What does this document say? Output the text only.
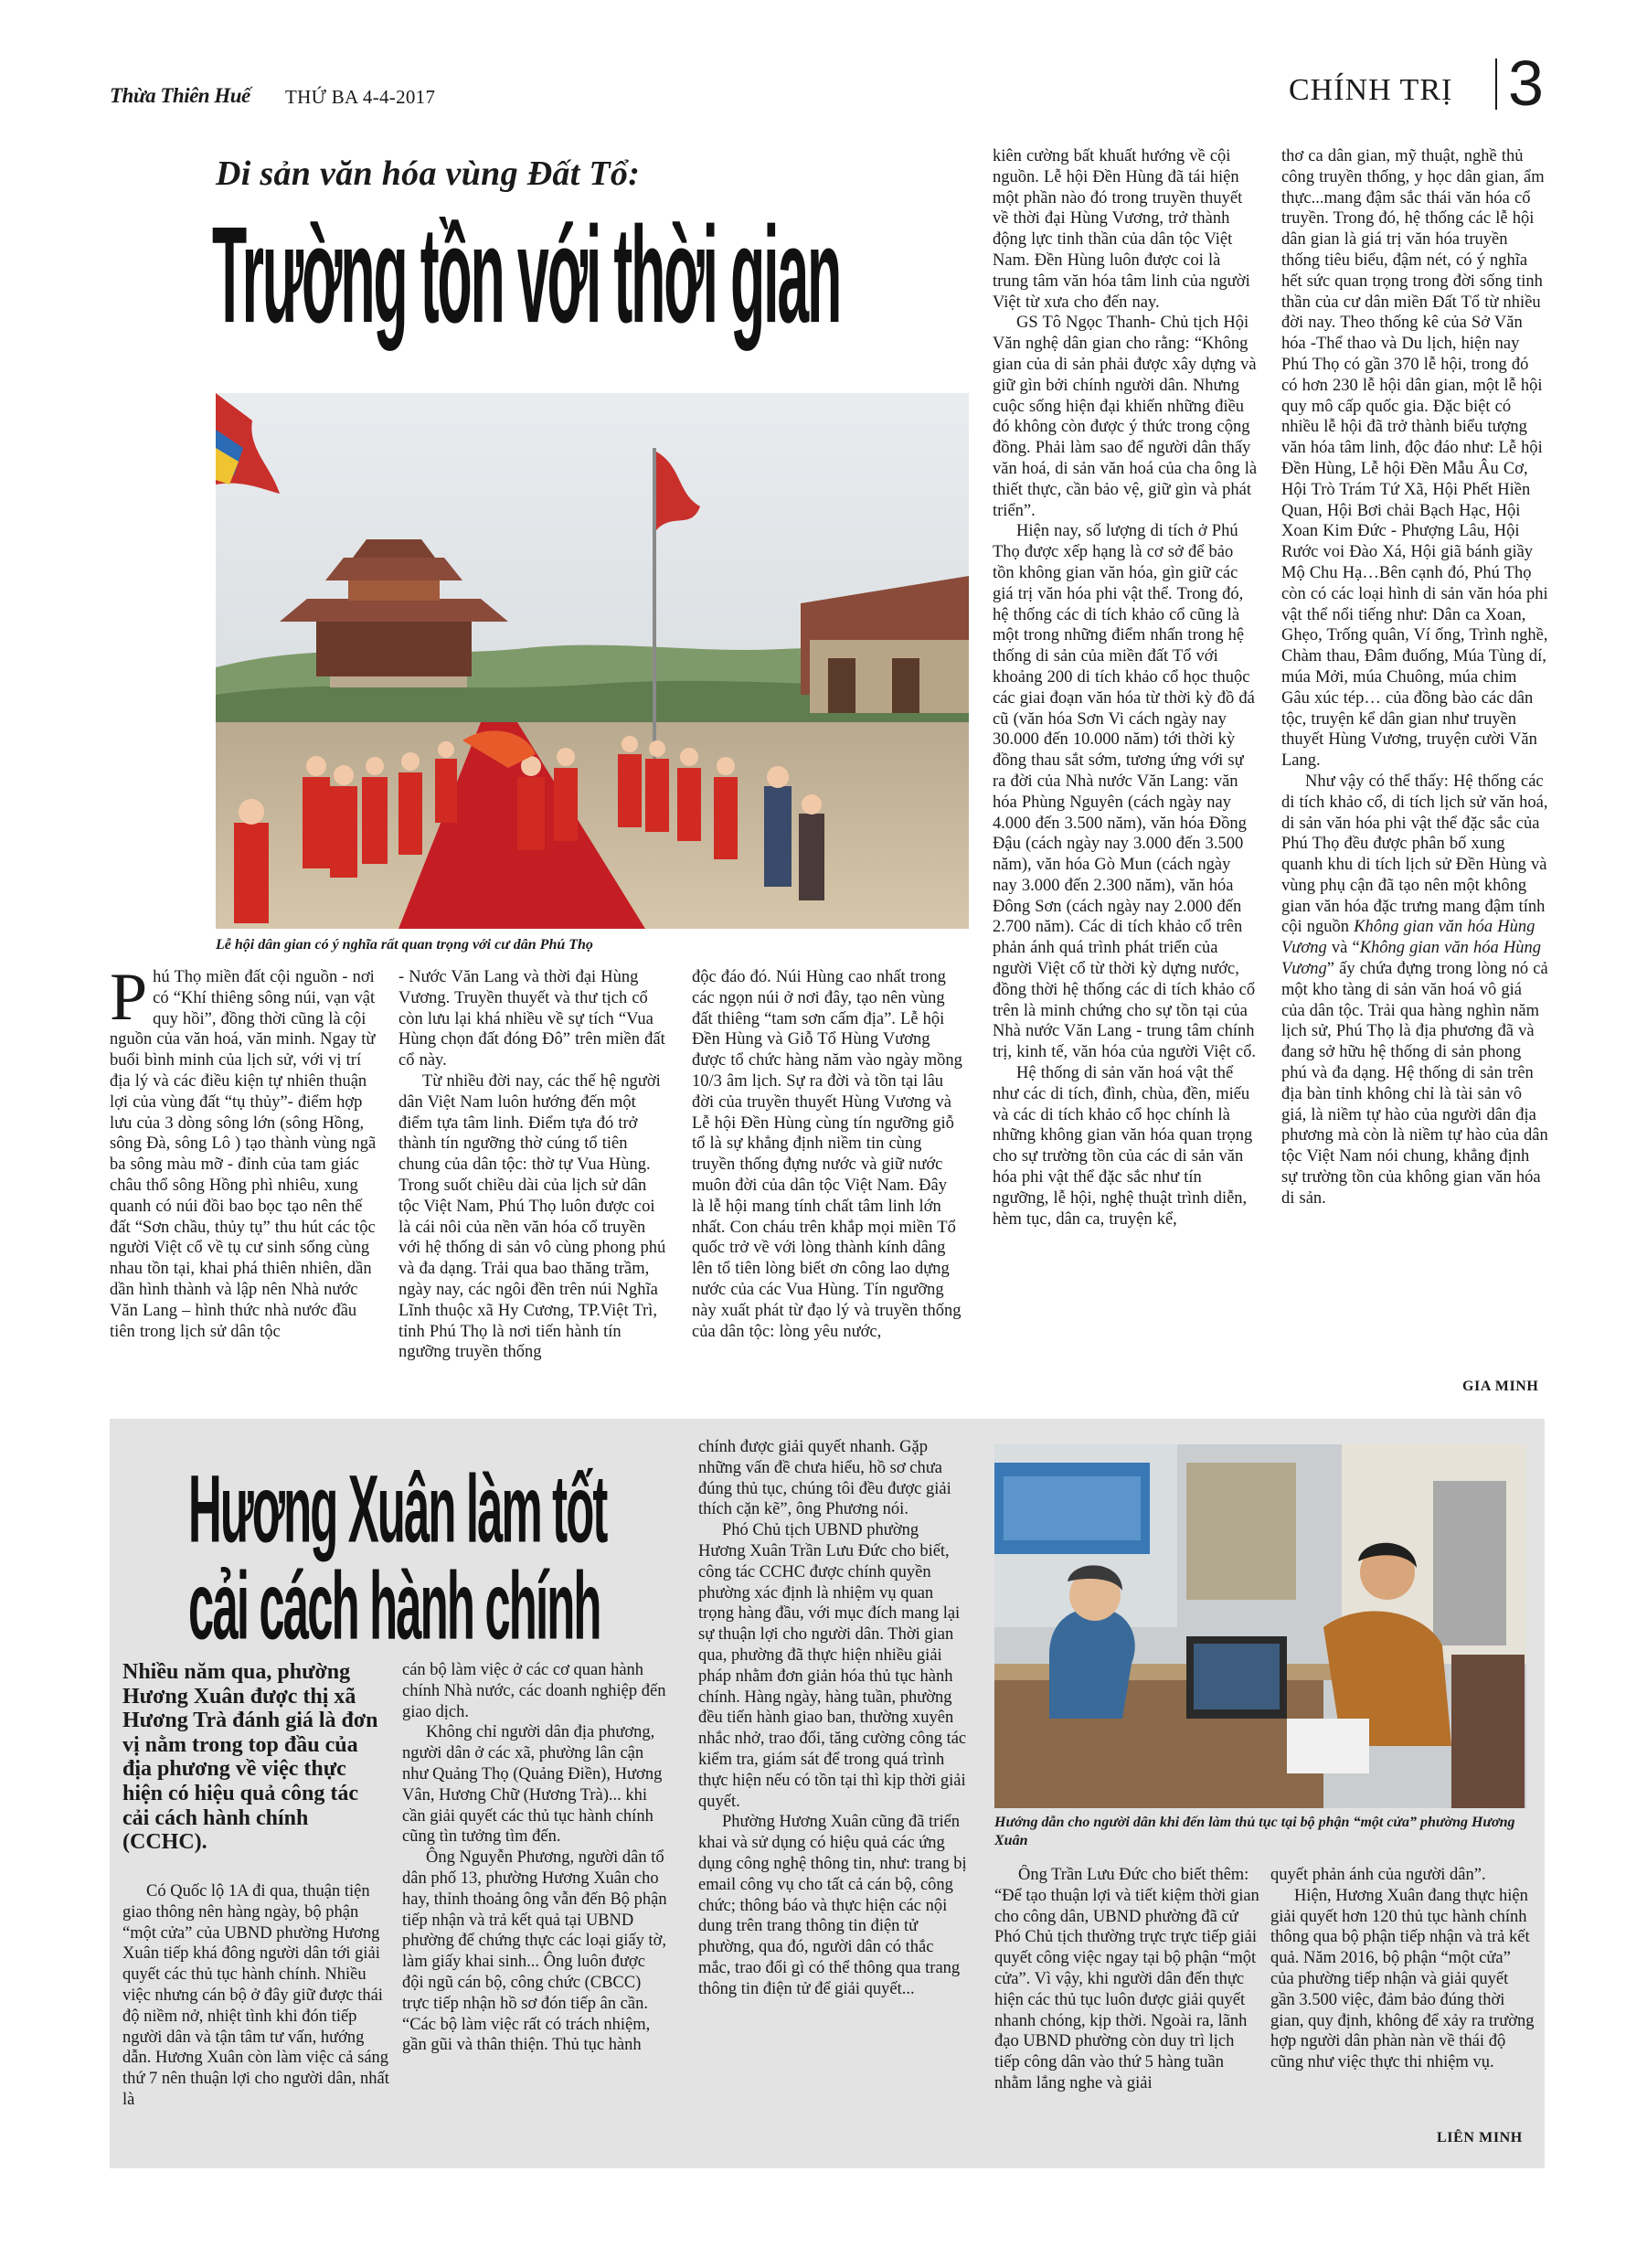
Thừa Thiên Huế THỨ BA 4-4-2017	CHÍNH TRỊ 3
Di sản văn hóa vùng Đất Tổ:
Trường tồn với thời gian
Lễ hội dân gian có ý nghĩa rất quan trọng với cư dân Phú Thọ
P hú Thọ miền đất cội nguồn - nơi có “Khí thiêng sông núi, vạn vật quy hồi”, đồng thời cũng là cội nguồn của văn hoá, văn minh. Ngay từ buổi bình minh của lịch sử, với vị trí địa lý và các điều kiện tự nhiên thuận lợi của vùng đất “tụ thủy”- điểm hợp lưu của 3 dòng sông lớn (sông Hồng, sông Đà, sông Lô ) tạo thành vùng ngã ba sông màu mỡ - đỉnh của tam giác châu thổ sông Hồng phì nhiêu, xung quanh có núi đồi bao bọc tạo nên thế đất “Sơn chầu, thủy tụ” thu hút các tộc người Việt cổ về tụ cư sinh sống cùng nhau tồn tại, khai phá thiên nhiên, dần dần hình thành và lập nên Nhà nước Văn Lang – hình thức nhà nước đầu tiên trong lịch sử dân tộc

- Nước Văn Lang và thời đại Hùng Vương. Truyền thuyết và thư tịch cổ còn lưu lại khá nhiều về sự tích “Vua Hùng chọn đất đóng Đô” trên miền đất cổ này.

Từ nhiều đời nay, các thế hệ người dân Việt Nam luôn hướng đến một điểm tựa tâm linh. Điểm tựa đó trở thành tín ngưỡng thờ cúng tổ tiên chung của dân tộc: thờ tự Vua Hùng. Trong suốt chiều dài của lịch sử dân tộc Việt Nam, Phú Thọ luôn được coi là cái nôi của nền văn hóa cổ truyền với hệ thống di sản vô cùng phong phú và đa dạng. Trải qua bao thăng trầm, ngày nay, các ngôi đền trên núi Nghĩa Lĩnh thuộc xã Hy Cương, TP.Việt Trì, tỉnh Phú Thọ là nơi tiến hành tín ngưỡng truyền thống

độc đáo đó. Núi Hùng cao nhất trong các ngọn núi ở nơi đây, tạo nên vùng đất thiêng “tam sơn cấm địa”. Lễ hội Đền Hùng và Giỗ Tổ Hùng Vương được tổ chức hàng năm vào ngày mồng 10/3 âm lịch. Sự ra đời và tồn tại lâu đời của truyền thuyết Hùng Vương và Lễ hội Đền Hùng cùng tín ngưỡng giỗ tổ là sự khẳng định niềm tin cùng truyền thống đựng nước và giữ nước muôn đời của dân tộc Việt Nam. Đây là lễ hội mang tính chất tâm linh lớn nhất. Con cháu trên khắp mọi miền Tổ quốc trở về với lòng thành kính dâng lên tổ tiên lòng biết ơn công lao dựng nước của các Vua Hùng. Tín ngưỡng này xuất phát từ đạo lý và truyền thống của dân tộc: lòng yêu nước,

kiên cường bất khuất hướng về cội nguồn. Lễ hội Đền Hùng đã tái hiện một phần nào đó trong truyền thuyết về thời đại Hùng Vương, trở thành động lực tinh thần của dân tộc Việt Nam. Đền Hùng luôn được coi là trung tâm văn hóa tâm linh của người Việt từ xưa cho đến nay.

GS Tô Ngọc Thanh- Chủ tịch Hội Văn nghệ dân gian cho rằng: “Không gian của di sản phải được xây dựng và giữ gìn bởi chính người dân. Nhưng cuộc sống hiện đại khiến những điều đó không còn được ý thức trong cộng đồng. Phải làm sao để người dân thấy văn hoá, di sản văn hoá của cha ông là thiết thực, cần bảo vệ, giữ gìn và phát triển”.

Hiện nay, số lượng di tích ở Phú Thọ được xếp hạng là cơ sở để bảo tồn không gian văn hóa, gìn giữ các giá trị văn hóa phi vật thể. Trong đó, hệ thống các di tích khảo cổ cũng là một trong những điểm nhấn trong hệ thống di sản của miền đất Tổ với khoảng 200 di tích khảo cổ học thuộc các giai đoạn văn hóa từ thời kỳ đồ đá cũ (văn hóa Sơn Vi cách ngày nay 30.000 đến 10.000 năm) tới thời kỳ đồng thau sắt sớm, tương ứng với sự ra đời của Nhà nước Văn Lang: văn hóa Phùng Nguyên (cách ngày nay 4.000 đến 3.500 năm), văn hóa Đồng Đậu (cách ngày nay 3.000 đến 3.500 năm), văn hóa Gò Mun (cách ngày nay 3.000 đến 2.300 năm), văn hóa Đông Sơn (cách ngày nay 2.000 đến 2.700 năm). Các di tích khảo cổ trên phản ánh quá trình phát triển của người Việt cổ từ thời kỳ dựng nước, đồng thời hệ thống các di tích khảo cổ trên là minh chứng cho sự tồn tại của Nhà nước Văn Lang - trung tâm chính trị, kinh tế, văn hóa của người Việt cổ.

Hệ thống di sản văn hoá vật thể như các di tích, đình, chùa, đền, miếu và các di tích khảo cổ học chính là những không gian văn hóa quan trọng cho sự trường tồn của các di sản văn hóa phi vật thể đặc sắc như tín ngưỡng, lễ hội, nghệ thuật trình diễn, hèm tục, dân ca, truyện kể,

thơ ca dân gian, mỹ thuật, nghề thủ công truyền thống, y học dân gian, ẩm thực...mang đậm sắc thái văn hóa cổ truyền. Trong đó, hệ thống các lễ hội dân gian là giá trị văn hóa truyền thống tiêu biểu, đậm nét, có ý nghĩa hết sức quan trọng trong đời sống tinh thần của cư dân miền Đất Tổ từ nhiều đời nay. Theo thống kê của Sở Văn hóa -Thể thao và Du lịch, hiện nay Phú Thọ có gần 370 lễ hội, trong đó có hơn 230 lễ hội dân gian, một lễ hội quy mô cấp quốc gia. Đặc biệt có nhiều lễ hội đã trở thành biểu tượng văn hóa tâm linh, độc đáo như: Lễ hội Đền Hùng, Lễ hội Đền Mẫu Âu Cơ, Hội Trò Trám Tứ Xã, Hội Phết Hiền Quan, Hội Bơi chải Bạch Hạc, Hội Xoan Kim Đức - Phượng Lâu, Hội Rước voi Đào Xá, Hội giã bánh giầy Mộ Chu Hạ…Bên cạnh đó, Phú Thọ còn có các loại hình di sản văn hóa phi vật thể nổi tiếng như: Dân ca Xoan, Ghẹo, Trống quân, Ví ống, Trình nghề, Chàm thau, Đâm đuống, Múa Tùng dí, múa Mởi, múa Chuông, múa chim Gâu xúc tép… của đồng bào các dân tộc, truyện kể dân gian như truyền thuyết Hùng Vương, truyện cười Văn Lang.

Như vậy có thể thấy: Hệ thống các di tích khảo cổ, di tích lịch sử văn hoá, di sản văn hóa phi vật thể đặc sắc của Phú Thọ đều được phân bố xung quanh khu di tích lịch sử Đền Hùng và vùng phụ cận đã tạo nên một không gian văn hóa đặc trưng mang đậm tính cội nguồn Không gian văn hóa Hùng Vương và “Không gian văn hóa Hùng Vương” ấy chứa đựng trong lòng nó cả một kho tàng di sản văn hoá vô giá của dân tộc. Trải qua hàng nghìn năm lịch sử, Phú Thọ là địa phương đã và đang sở hữu hệ thống di sản phong phú và đa dạng. Hệ thống di sản trên địa bàn tỉnh không chỉ là tài sản vô giá, là niềm tự hào của người dân địa phương mà còn là niềm tự hào của dân tộc Việt Nam nói chung, khẳng định sự trường tồn của không gian văn hóa di sản.

GIA MINH
Hương Xuân làm tốt
cải cách hành chính
Nhiều năm qua, phường Hương Xuân được thị xã Hương Trà đánh giá là đơn vị nằm trong top đầu của địa phương về việc thực hiện có hiệu quả công tác cải cách hành chính (CCHC).

Có Quốc lộ 1A đi qua, thuận tiện giao thông nên hàng ngày, bộ phận “một cửa” của UBND phường Hương Xuân tiếp khá đông người dân tới giải quyết các thủ tục hành chính. Nhiều việc nhưng cán bộ ở đây giữ được thái độ niềm nở, nhiệt tình khi đón tiếp người dân và tận tâm tư vấn, hướng dẫn. Hương Xuân còn làm việc cả sáng thứ 7 nên thuận lợi cho người dân, nhất là

cán bộ làm việc ở các cơ quan hành chính Nhà nước, các doanh nghiệp đến giao dịch.

Không chỉ người dân địa phương, người dân ở các xã, phường lân cận như Quảng Thọ (Quảng Điền), Hương Vân, Hương Chữ (Hương Trà)... khi cần giải quyết các thủ tục hành chính cũng tìn tưởng tìm đến.

Ông Nguyễn Phương, người dân tổ dân phố 13, phường Hương Xuân cho hay, thỉnh thoảng ông vẫn đến Bộ phận tiếp nhận và trả kết quả tại UBND phường để chứng thực các loại giấy tờ, làm giấy khai sinh... Ông luôn được đội ngũ cán bộ, công chức (CBCC) trực tiếp nhận hồ sơ đón tiếp ân cần. “Các bộ làm việc rất có trách nhiệm, gần gũi và thân thiện. Thủ tục hành

chính được giải quyết nhanh. Gặp những vấn đề chưa hiểu, hồ sơ chưa đúng thủ tục, chúng tôi đều được giải thích cặn kẽ”, ông Phương nói.

Phó Chủ tịch UBND phường Hương Xuân Trần Lưu Đức cho biết, công tác CCHC được chính quyền phường xác định là nhiệm vụ quan trọng hàng đầu, với mục đích mang lại sự thuận lợi cho người dân. Thời gian qua, phường đã thực hiện nhiều giải pháp nhằm đơn giản hóa thủ tục hành chính. Hàng ngày, hàng tuần, phường đều tiến hành giao ban, thường xuyên nhắc nhở, trao đổi, tăng cường công tác kiểm tra, giám sát để trong quá trình thực hiện nếu có tồn tại thì kịp thời giải quyết.

Phường Hương Xuân cũng đã triển khai và sử dụng có hiệu quả các ứng dụng công nghệ thông tin, như: trang bị email công vụ cho tất cả cán bộ, công chức; thông báo và thực hiện các nội dung trên trang thông tin điện tử phường, qua đó, người dân có thắc mắc, trao đổi gì có thể thông qua trang thông tin điện tử để giải quyết...

Hướng dẫn cho người dân khi đến làm thủ tục tại bộ phận “một cửa” phường Hương Xuân

Ông Trần Lưu Đức cho biết thêm: “Để tạo thuận lợi và tiết kiệm thời gian cho công dân, UBND phường đã cử Phó Chủ tịch thường trực trực tiếp giải quyết công việc ngay tại bộ phận “một cửa”. Vì vậy, khi người dân đến thực hiện các thủ tục luôn được giải quyết nhanh chóng, kịp thời. Ngoài ra, lãnh đạo UBND phường còn duy trì lịch tiếp công dân vào thứ 5 hàng tuần nhằm lắng nghe và giải

quyết phản ánh của người dân”.

Hiện, Hương Xuân đang thực hiện giải quyết hơn 120 thủ tục hành chính thông qua bộ phận tiếp nhận và trả kết quả. Năm 2016, bộ phận “một cửa” của phường tiếp nhận và giải quyết gần 3.500 việc, đảm bảo đúng thời gian, quy định, không để xảy ra trường hợp người dân phàn nàn về thái độ cũng như việc thực thi nhiệm vụ.

LIÊN MINH
